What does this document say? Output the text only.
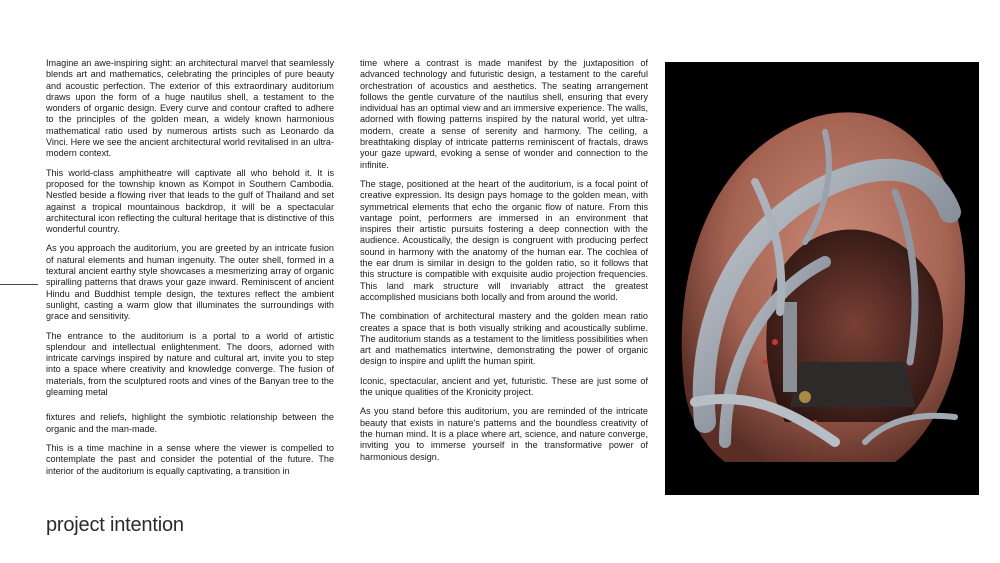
Imagine an awe-inspiring sight: an architectural marvel that seamlessly blends art and mathematics, celebrating the principles of pure beauty and acoustic perfection. The exterior of this extraordinary auditorium draws upon the form of a huge nautilus shell, a testament to the wonders of organic design. Every curve and contour crafted to adhere to the principles of the golden mean, a widely known harmonious mathematical ratio used by numerous artists such as Leonardo da Vinci. Here we see the ancient architectural world revitalised in an ultra-modern context.

This world-class amphitheatre will captivate all who behold it. It is proposed for the township known as Kompot in Southern Cambodia. Nestled beside a flowing river that leads to the gulf of Thailand and set against a tropical mountainous backdrop, it will be a spectacular architectural icon reflecting the cultural heritage that is distinctive of this wonderful country.

As you approach the auditorium, you are greeted by an intricate fusion of natural elements and human ingenuity. The outer shell, formed in a textural ancient earthy style showcases a mesmerizing array of organic spiralling patterns that draws your gaze inward. Reminiscent of ancient Hindu and Buddhist temple design, the textures reflect the ambient sunlight, casting a warm glow that illuminates the surroundings with grace and sensitivity.

The entrance to the auditorium is a portal to a world of artistic splendour and intellectual enlightenment. The doors, adorned with intricate carvings inspired by nature and cultural art, invite you to step into a space where creativity and knowledge converge. The fusion of materials, from the sculptured roots and vines of the Banyan tree to the gleaming metal

fixtures and reliefs, highlight the symbiotic relationship between the organic and the man-made.

This is a time machine in a sense where the viewer is compelled to contemplate the past and consider the potential of the future. The interior of the auditorium is equally captivating, a transition in

time where a contrast is made manifest by the juxtaposition of advanced technology and futuristic design, a testament to the careful orchestration of acoustics and aesthetics. The seating arrangement follows the gentle curvature of the nautilus shell, ensuring that every individual has an optimal view and an immersive experience. The walls, adorned with flowing patterns inspired by the natural world, yet ultra-modern, create a sense of serenity and harmony. The ceiling, a breathtaking display of intricate patterns reminiscent of fractals, draws your gaze upward, evoking a sense of wonder and connection to the infinite.

The stage, positioned at the heart of the auditorium, is a focal point of creative expression. Its design pays homage to the golden mean, with symmetrical elements that echo the organic flow of nature. From this vantage point, performers are immersed in an environment that inspires their artistic pursuits fostering a deep connection with the audience. Acoustically, the design is congruent with producing perfect sound in harmony with the anatomy of the human ear. The cochlea of the ear drum is similar in design to the golden ratio, so it follows that this structure is compatible with exquisite audio projection frequencies. This land mark structure will invariably attract the greatest accomplished musicians both locally and from around the world.

The combination of architectural mastery and the golden mean ratio creates a space that is both visually striking and acoustically sublime. The auditorium stands as a testament to the limitless possibilities when art and mathematics intertwine, demonstrating the power of organic design to inspire and uplift the human spirit.

Iconic, spectacular, ancient and yet, futuristic. These are just some of the unique qualities of the Kronicity project.

As you stand before this auditorium, you are reminded of the intricate beauty that exists in nature's patterns and the boundless creativity of the human mind. It is a place where art, science, and nature converge, inviting you to immerse yourself in the transformative power of harmonious design.

project intention
